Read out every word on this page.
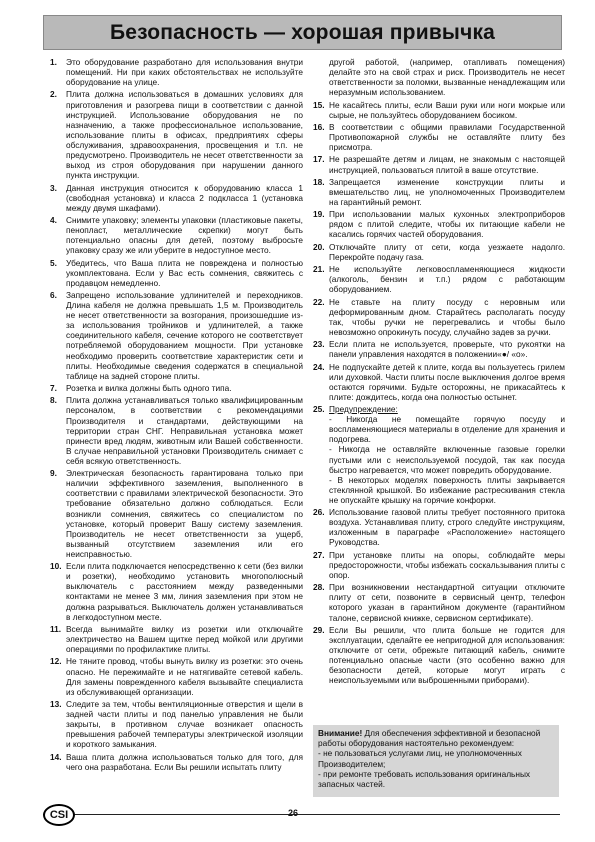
Безопасность — хорошая привычка
1.	Это оборудование разработано для использования внутри помещений. Ни при каких обстоятельствах не используйте оборудование на улице.
2.	Плита должна использоваться в домашних условиях для приготовления и разогрева пищи в соответствии с данной инструкцией. Использование оборудования не по назначению, а также профессиональное использование, использование плиты в офисах, предприятиях сферы обслуживания, здравоохранения, просвещения и т.п. не предусмотрено. Производитель не несет ответственности за выход из строя оборудования при нарушении данного пункта инструкции.
3.	Данная инструкция относится к оборудованию класса 1 (свободная установка) и класса 2 подкласса 1 (установка между двумя шкафами).
4.	Снимите упаковку; элементы упаковки (пластиковые пакеты, пенопласт, металлические скрепки) могут быть потенциально опасны для детей, поэтому выбросьте упаковку сразу же или уберите в недоступное место.
5.	Убедитесь, что Ваша плита не повреждена и полностью укомплектована. Если у Вас есть сомнения, свяжитесь с продавцом немедленно.
6.	Запрещено использование удлинителей и переходников. Длина кабеля не должна превышать 1,5 м. Производитель не несет ответственности за возгорания, произошедшие из-за использования тройников и удлинителей, а также соединительного кабеля, сечение которого не соответствует потребляемой оборудованием мощности. При установке необходимо проверить соответствие характеристик сети и плиты. Необходимые сведения содержатся в специальной таблице на задней стороне плиты.
7.	Розетка и вилка должны быть одного типа.
8.	Плита должна устанавливаться только квалифицированным персоналом, в соответствии с рекомендациями Производителя и стандартами, действующими на территории стран СНГ. Неправильная установка может принести вред людям, животным или Вашей собственности. В случае неправильной установки Производитель снимает с себя всякую ответственность.
9.	Электрическая безопасность гарантирована только при наличии эффективного заземления, выполненного в соответствии с правилами электрической безопасности. Это требование обязательно должно соблюдаться. Если возникли сомнения, свяжитесь со специалистом по установке, который проверит Вашу систему заземления. Производитель не несет ответственности за ущерб, вызванный отсутствием заземления или его неисправностью.
10. Если плита подключается непосредственно к сети (без вилки и розетки), необходимо установить многополюсный выключатель с расстоянием между разведенными контактами не менее 3 мм, линия заземления при этом не должна разрываться. Выключатель должен устанавливаться в легкодоступном месте.
11. Всегда вынимайте вилку из розетки или отключайте электричество на Вашем щитке перед мойкой или другими операциями по профилактике плиты.
12. Не тяните провод, чтобы вынуть вилку из розетки: это очень опасно. Не пережимайте и не натягивайте сетевой кабель. Для замены поврежденного кабеля вызывайте специалиста из обслуживающей организации.
13. Следите за тем, чтобы вентиляционные отверстия и щели в задней части плиты и под панелью управления не были закрыты, в противном случае возникает опасность превышения рабочей температуры электрической изоляции и короткого замыкания.
14. Ваша плита должна использоваться только для того, для чего она разработана. Если Вы решили испытать плиту
другой работой, (например, отапливать помещения) делайте это на свой страх и риск. Производитель не несет ответственности за поломки, вызванные ненадлежащим или неразумным использованием.
15. Не касайтесь плиты, если Ваши руки или ноги мокрые или сырые, не пользуйтесь оборудованием босиком.
16. В соответствии с общими правилами Государственной Противопожарной службы не оставляйте плиту без присмотра.
17. Не разрешайте детям и лицам, не знакомым с настоящей инструкцией, пользоваться плитой в ваше отсутствие.
18. Запрещается изменение конструкции плиты и вмешательство лиц, не уполномоченных Производителем на гарантийный ремонт.
19. При использовании малых кухонных электроприборов рядом с плитой следите, чтобы их питающие кабели не касались горячих частей оборудования.
20. Отключайте плиту от сети, когда уезжаете надолго. Перекройте подачу газа.
21. Не используйте легковоспламеняющиеся жидкости (алкоголь, бензин и т.п.) рядом с работающим оборудованием.
22. Не ставьте на плиту посуду с неровным или деформированным дном. Старайтесь располагать посуду так, чтобы ручки не перегревались и чтобы было невозможно опрокинуть посуду, случайно задев за ручки.
23. Если плита не используется, проверьте, что рукоятки на панели управления находятся в положении«●/ «о».
24. Не подпускайте детей к плите, когда вы пользуетесь грилем или духовкой. Части плиты после выключения долгое время остаются горячими. Будьте осторожны, не прикасайтесь к плите: дождитесь, когда она полностью остынет.
25. Предупреждение:
- Никогда не помещайте горячую посуду и воспламеняющиеся материалы в отделение для хранения и подогрева.
- Никогда не оставляйте включенные газовые горелки пустыми или с неиспользуемой посудой, так как посуда быстро нагревается, что может повредить оборудование.
- В некоторых моделях поверхность плиты закрывается стеклянной крышкой. Во избежание растрескивания стекла не опускайте крышку на горячие конфорки.
26. Использование газовой плиты требует постоянного притока воздуха. Устанавливая плиту, строго следуйте инструкциям, изложенным в параграфе «Расположение» настоящего Руководства.
27. При установке плиты на опоры, соблюдайте меры предосторожности, чтобы избежать соскальзывания плиты с опор.
28. При возникновении нестандартной ситуации отключите плиту от сети, позвоните в сервисный центр, телефон которого указан в гарантийном документе (гарантийном талоне, сервисной книжке, сервисном сертификате).
29. Если Вы решили, что плита больше не годится для эксплуатации, сделайте ее непригодной для использования: отключите от сети, обрежьте питающий кабель, снимите потенциально опасные части (это особенно важно для безопасности детей, которые могут играть с неиспользуемыми или выброшенными приборами).

Внимание! Для обеспечения эффективной и безопасной работы оборудования настоятельно рекомендуем:

- не пользоваться услугами лиц, не уполномоченных Производителем;

- при ремонте требовать использования оригинальных запасных частей.

CSI	26
